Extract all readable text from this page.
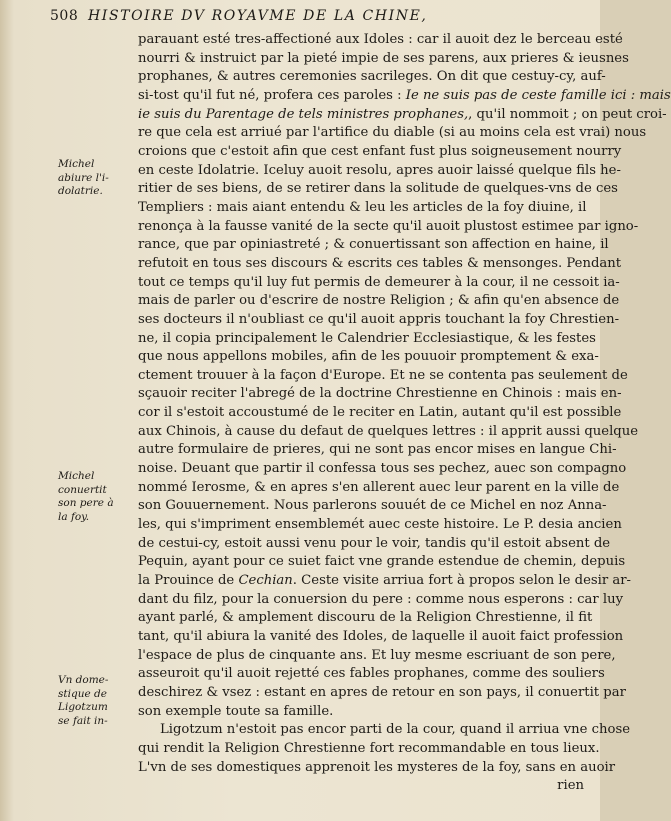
508 HISTOIRE DV ROYAVME DE LA CHINE,
parauant esté tres-affectioné aux Idoles : car il auoit dez le berceau esté
nourri & instruict par la pieté impie de ses parens, aux prieres & ieusnes
prophanes, & autres ceremonies sacrileges. On dit que cestuy-cy, auf-
si-tost qu'il fut né, profera ces paroles : Ie ne suis pas de ceste famille ici : mais
ie suis du Parentage de tels ministres prophanes,, qu'il nommoit ; on peut croi-
re que cela est arriué par l'artifice du diable (si au moins cela est vrai) nous
croions que c'estoit afin que cest enfant fust plus soigneusement nourry
en ceste Idolatrie. Iceluy auoit resolu, apres auoir laissé quelque fils he-
ritier de ses biens, de se retirer dans la solitude de quelques-vns de ces
Templiers : mais aiant entendu & leu les articles de la foy diuine, il
renonça à la fausse vanité de la secte qu'il auoit plustost estimee par igno-
rance, que par opiniastreté ; & conuertissant son affection en haine, il
refutoit en tous ses discours & escrits ces tables & mensonges. Pendant
tout ce temps qu'il luy fut permis de demeurer à la cour, il ne cessoit ia-
mais de parler ou d'escrire de nostre Religion ; & afin qu'en absence de
ses docteurs il n'oubliast ce qu'il auoit appris touchant la foy Chrestien-
ne, il copia principalement le Calendrier Ecclesiastique, & les festes
que nous appellons mobiles, afin de les pouuoir promptement & exa-
ctement trouuer à la façon d'Europe. Et ne se contenta pas seulement de
sçauoir reciter l'abregé de la doctrine Chrestienne en Chinois : mais en-
cor il s'estoit accoustumé de le reciter en Latin, autant qu'il est possible
aux Chinois, à cause du defaut de quelques lettres : il apprit aussi quelque
autre formulaire de prieres, qui ne sont pas encor mises en langue Chi-
noise. Deuant que partir il confessa tous ses pechez, auec son compagno
nommé Ierosme, & en apres s'en allerent auec leur parent en la ville de
son Gouuernement. Nous parlerons souuét de ce Michel en noz Anna-
les, qui s'impriment ensemblemét auec ceste histoire. Le P. desia ancien
de cestui-cy, estoit aussi venu pour le voir, tandis qu'il estoit absent de
Pequin, ayant pour ce suiet faict vne grande estendue de chemin, depuis
la Prouince de Cechian. Ceste visite arriua fort à propos selon le desir ar-
dant du filz, pour la conuersion du pere : comme nous esperons : car luy
ayant parlé, & amplement discouru de la Religion Chrestienne, il fit
tant, qu'il abiura la vanité des Idoles, de laquelle il auoit faict profession
l'espace de plus de cinquante ans. Et luy mesme escriuant de son pere,
asseuroit qu'il auoit rejetté ces fables prophanes, comme des souliers
deschirez & vsez : estant en apres de retour en son pays, il conuertit par
son exemple toute sa famille.
Ligotzum n'estoit pas encor parti de la cour, quand il arriua vne chose
qui rendit la Religion Chrestienne fort recommandable en tous lieux.
L'vn de ses domestiques apprenoit les mysteres de la foy, sans en auoir
rien
Michel
abiure l'i-
dolatrie.
Michel
conuertit
son pere à
la foy.
Vn dome-
stique de
Ligotzum
se fait in-
